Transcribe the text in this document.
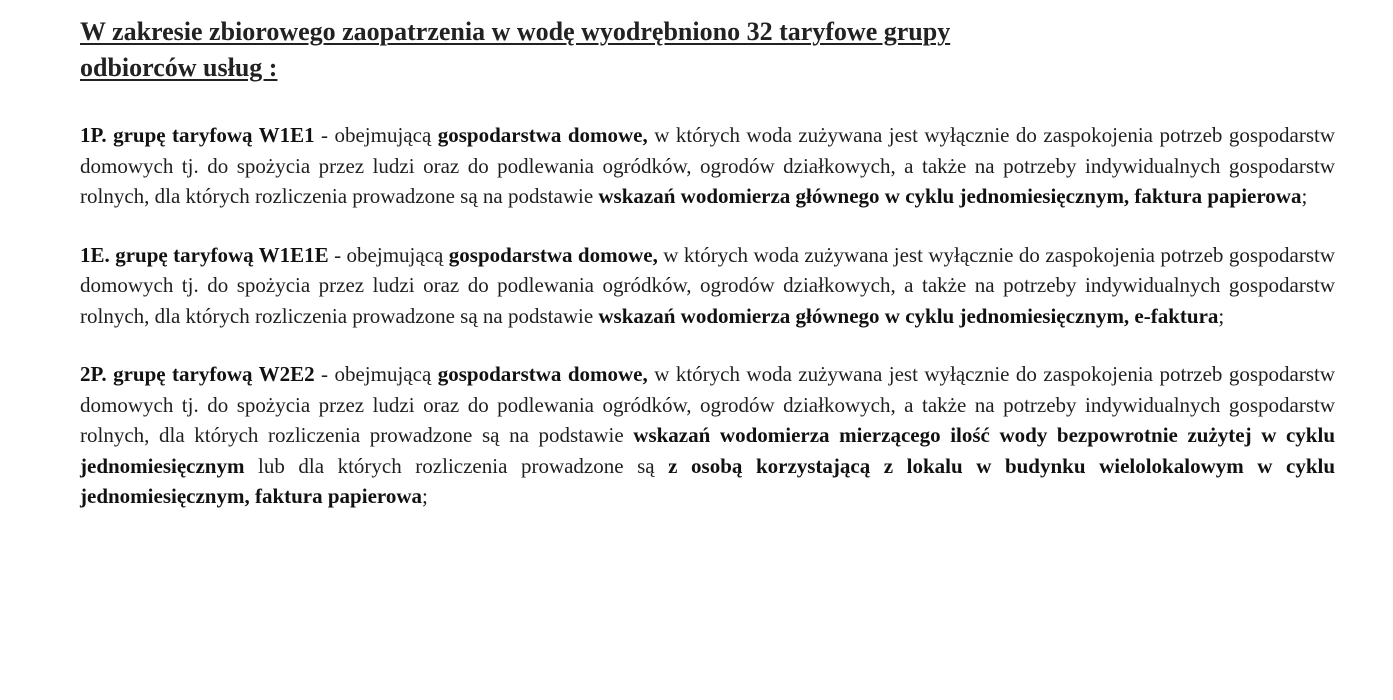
W zakresie zbiorowego zaopatrzenia w wodę wyodrębniono 32 taryfowe grupy
odbiorców usług :

1P. grupę taryfową W1E1 - obejmującą gospodarstwa domowe, w których woda zużywana jest wyłącznie do zaspokojenia potrzeb gospodarstw domowych tj. do spożycia przez ludzi oraz do podlewania ogródków, ogrodów działkowych, a także na potrzeby indywidualnych gospodarstw rolnych, dla których rozliczenia prowadzone są na podstawie wskazań wodomierza głównego w cyklu jednomiesięcznym, faktura papierowa;

1E. grupę taryfową W1E1E - obejmującą gospodarstwa domowe, w których woda zużywana jest wyłącznie do zaspokojenia potrzeb gospodarstw domowych tj. do spożycia przez ludzi oraz do podlewania ogródków, ogrodów działkowych, a także na potrzeby indywidualnych gospodarstw rolnych, dla których rozliczenia prowadzone są na podstawie wskazań wodomierza głównego w cyklu jednomiesięcznym, e-faktura;

2P. grupę taryfową W2E2 - obejmującą gospodarstwa domowe, w których woda zużywana jest wyłącznie do zaspokojenia potrzeb gospodarstw domowych tj. do spożycia przez ludzi oraz do podlewania ogródków, ogrodów działkowych, a także na potrzeby indywidualnych gospodarstw rolnych, dla których rozliczenia prowadzone są na podstawie wskazań wodomierza mierzącego ilość wody bezpowrotnie zużytej w cyklu jednomiesięcznym lub dla których rozliczenia prowadzone są z osobą korzystającą z lokalu w budynku wielolokalowym w cyklu jednomiesięcznym, faktura papierowa;
